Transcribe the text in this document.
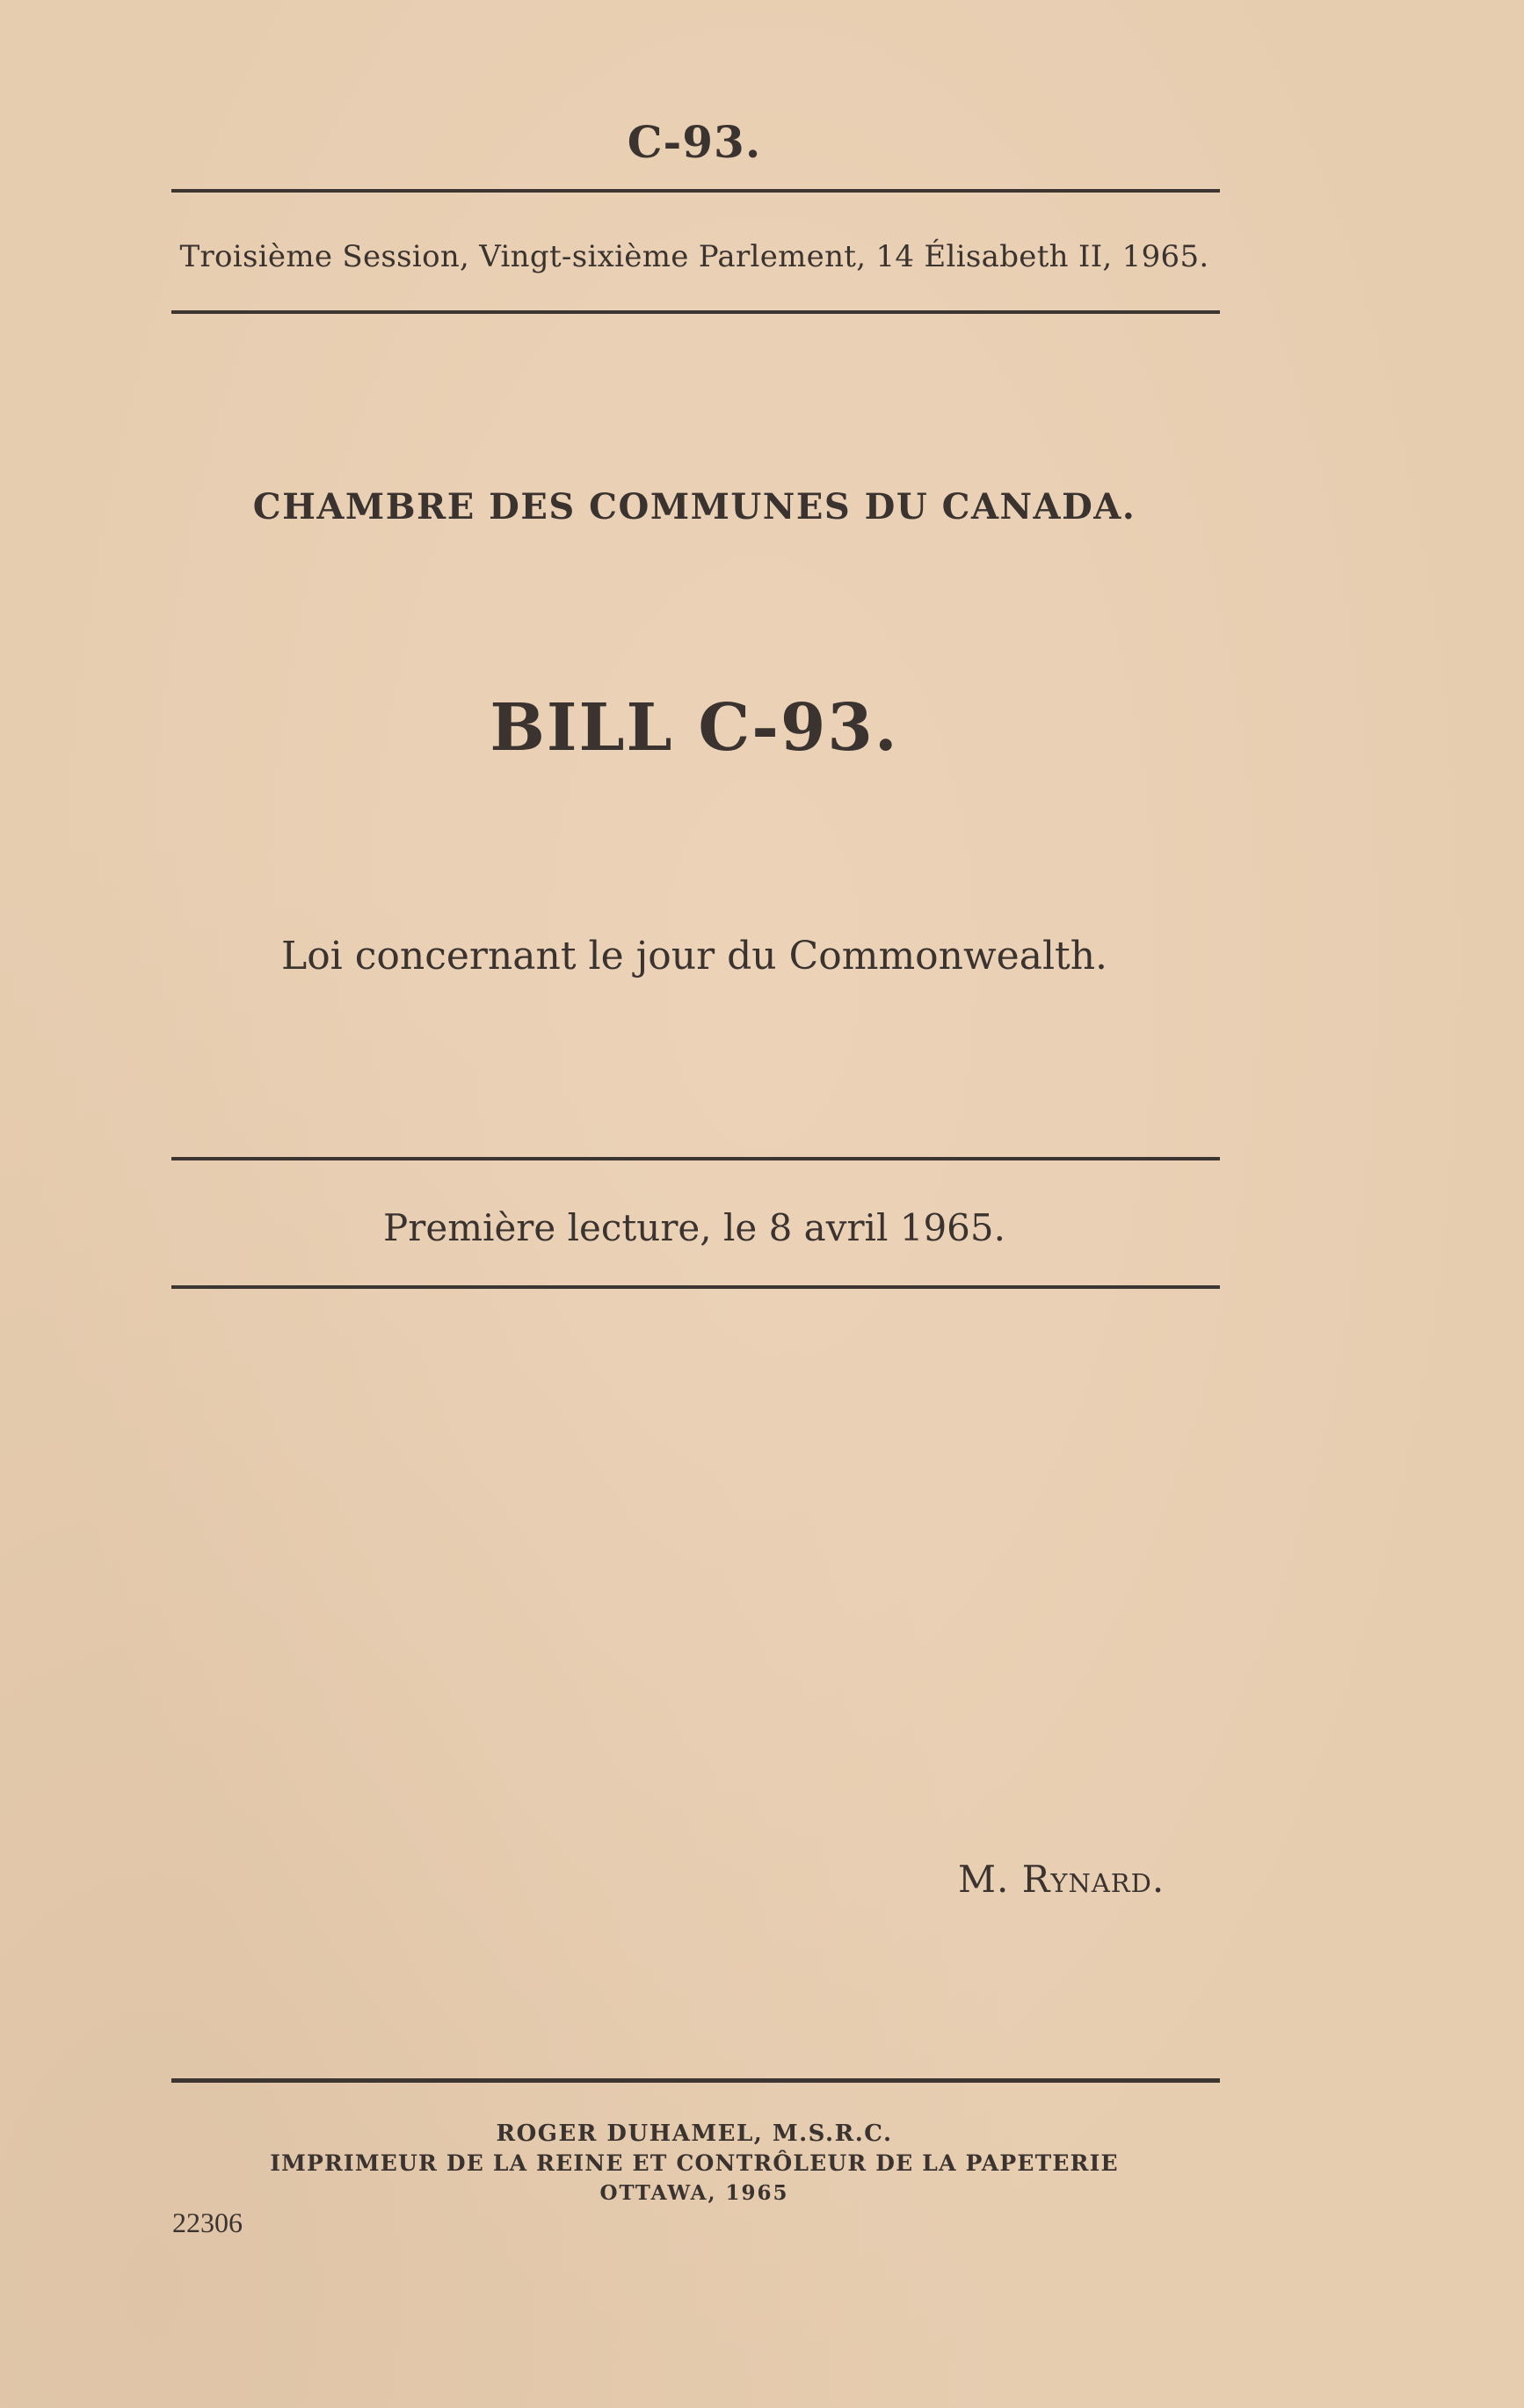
C-93.
Troisième Session, Vingt-sixième Parlement, 14 Élisabeth II, 1965.
CHAMBRE DES COMMUNES DU CANADA.
BILL C-93.
Loi concernant le jour du Commonwealth.
Première lecture, le 8 avril 1965.
M. Rynard.
ROGER DUHAMEL, M.S.R.C.
IMPRIMEUR DE LA REINE ET CONTRÔLEUR DE LA PAPETERIE
OTTAWA, 1965
22306
